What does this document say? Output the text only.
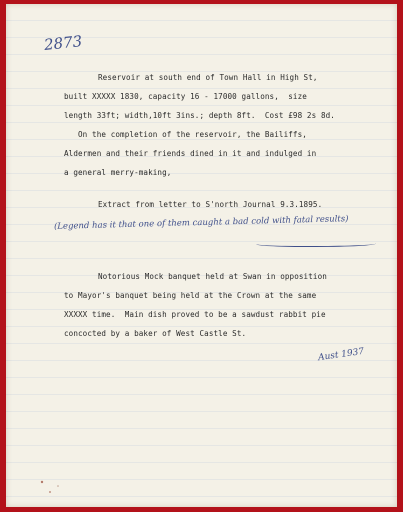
2873
Reservoir at south end of Town Hall in High St,
built XXXXX 1830, capacity 16 - 17000 gallons,  size
length 33ft; width,10ft 3ins.; depth 8ft.  Cost £98 2s 8d.
On the completion of the reservoir, the Bailiffs,
Aldermen and their friends dined in it and indulged in
a general merry-making,
Extract from letter to S'north Journal 9.3.1895.
(Legend has it that one of them caught a bad cold with fatal results)
Notorious Mock banquet held at Swan in opposition
to Mayor's banquet being held at the Crown at the same
XXXXX time.  Main dish proved to be a sawdust rabbit pie
concocted by a baker of West Castle St.
Aust 1937
